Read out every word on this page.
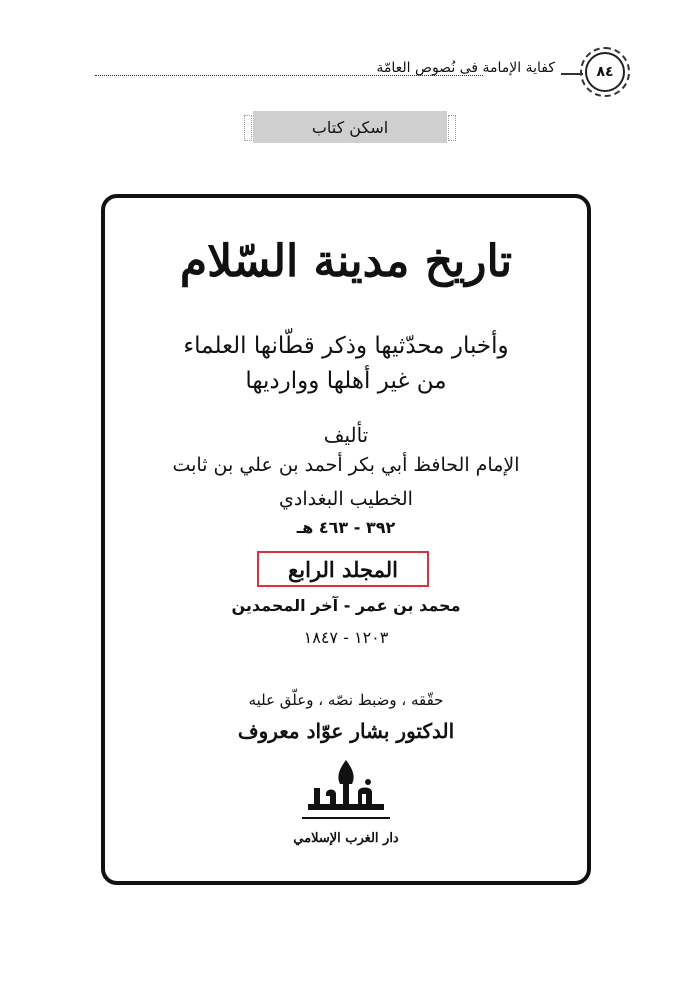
كفاية الإمامة فى نُصوص العامّة	٨٤
اسكن كتاب
تاريخ مدينة السّلام
وأخبار محدّثيها وذكر قطّانها العلماء
من غير أهلها ووارديها
تأليف
الإمام الحافظ أبي بكر أحمد بن علي بن ثابت
الخطيب البغدادي
٣٩٢ - ٤٦٣ هـ
المجلد الرابع
محمد بن عمر - آخر المحمدين
١٢٠٣ - ١٨٤٧
حقّقه ، وضبط نصّه ، وعلّق عليه
الدكتور بشار عوّاد معروف
دار الغرب الإسلامي
